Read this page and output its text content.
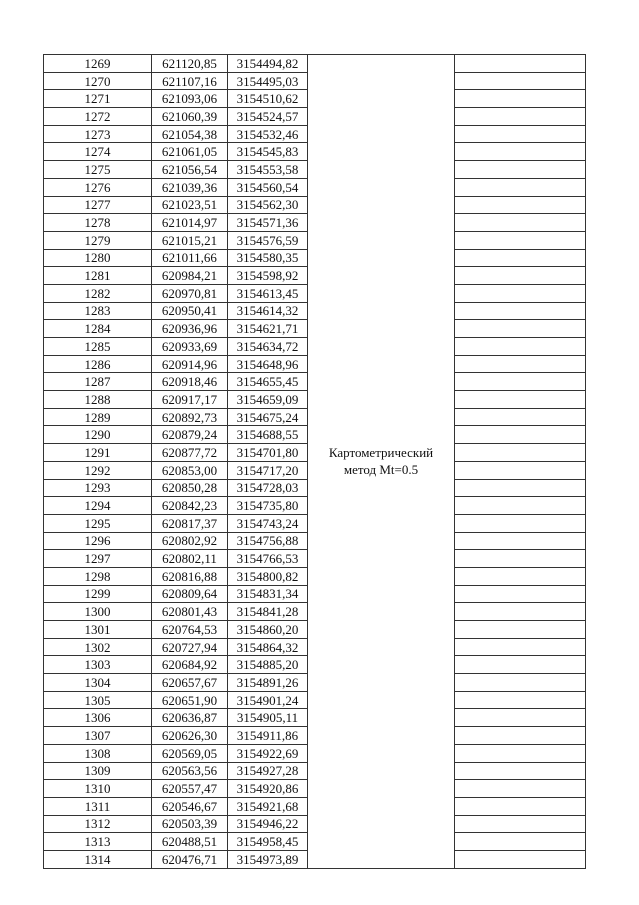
1269	621120,85	3154494,82	Картометрический
метод Mt=0.5	

1270	621107,16	3154495,03		
1271	621093,06	3154510,62		
1272	621060,39	3154524,57		
1273	621054,38	3154532,46		
1274	621061,05	3154545,83		
1275	621056,54	3154553,58		
1276	621039,36	3154560,54		
1277	621023,51	3154562,30		
1278	621014,97	3154571,36		
1279	621015,21	3154576,59		
1280	621011,66	3154580,35		
1281	620984,21	3154598,92		
1282	620970,81	3154613,45		
1283	620950,41	3154614,32		
1284	620936,96	3154621,71		
1285	620933,69	3154634,72		
1286	620914,96	3154648,96		
1287	620918,46	3154655,45		
1288	620917,17	3154659,09		
1289	620892,73	3154675,24		
1290	620879,24	3154688,55		
1291	620877,72	3154701,80		
1292	620853,00	3154717,20		
1293	620850,28	3154728,03		
1294	620842,23	3154735,80		
1295	620817,37	3154743,24		
1296	620802,92	3154756,88		
1297	620802,11	3154766,53		
1298	620816,88	3154800,82		
1299	620809,64	3154831,34		
1300	620801,43	3154841,28		
1301	620764,53	3154860,20		
1302	620727,94	3154864,32		
1303	620684,92	3154885,20		
1304	620657,67	3154891,26		
1305	620651,90	3154901,24		
1306	620636,87	3154905,11		
1307	620626,30	3154911,86		
1308	620569,05	3154922,69		
1309	620563,56	3154927,28		
1310	620557,47	3154920,86		
1311	620546,67	3154921,68		
1312	620503,39	3154946,22		
1313	620488,51	3154958,45		
1314	620476,71	3154973,89		
